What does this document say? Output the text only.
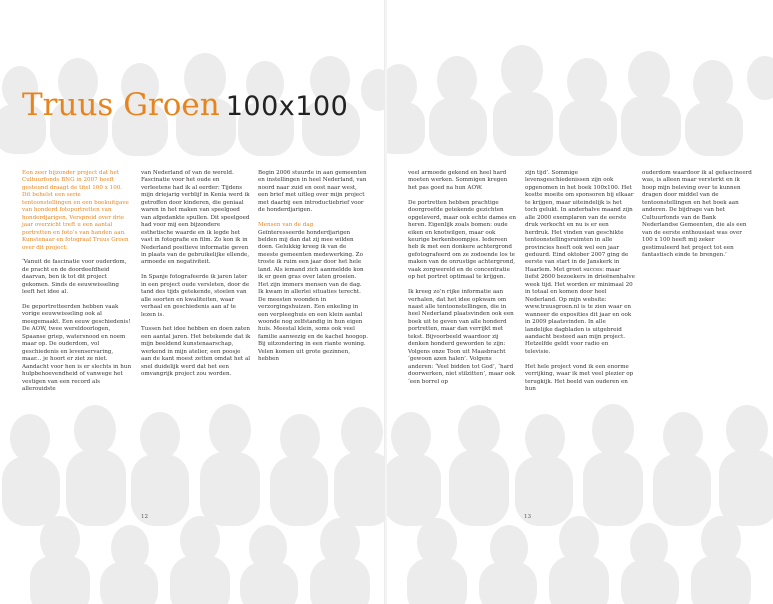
Truus Groen 100x100

Een zeer bijzonder project dat het Cultuurfonds BNG in 2007 heeft gesteund draagt de titel 100 x 100. Dit behelst een serie tentoonstellingen en een boekuitgave van honderd fotoportretten van honderdjarigen. Verspreid over drie jaar overzicht treft u een aantal portretten en foto’s van handen aan. Kunstenaar en fotograaf Truus Groen over dit project:

‘Vanuit de fascinatie voor ouderdom, de pracht en de doordeefdheid daarvan, ben ik tot dit project gekomen. Sinds de eeuwwisseling leeft het idee al.

De geportretteerden hebben vaak vorige eeuwwisseling ook al meegemaakt. Een eeuw geschiedenis! De AOW, twee wereldoorlogen, Spaanse griep, watersnood en noem maar op. De ouderdom, vol geschiedenis en levenservaring, maar... je hoort er ziet ze niet. Aandacht voor hen is er slechts in hun hulpbehoevendheid of vanwege het vestigen van een record als allerouidste

van Nederland of van de wereld. Fascinatie voor het oude en verleetene had ik al eerder: Tijdens mijn driejarig verblijf in Kenia werd ik getroffen door kinderen, die geniaal waren in het maken van speelgoed van afgedankte spullen. Dit speelgoed had voor mij een bijzondere esthetische waarde en ik legde het vast in fotografie en film. Zo kon ik in Nederland positieve informatie geven in plaats van de gebruikelijke ellende, armoede en negativiteit.

In Spanje fotografeerde ik jaren later in een project oude versleten, door de tand des tijds getekende, stoelen van alle soorten en kwaliteiten, waar verhaal en geschiedenis aan af te lezen is.

Tussen het idee hebben en doen zaten een aantal jaren. Het betekende dat ik mijn beeldend kunstenaarschap, werkend in mijn atelier, een poosje aan de kant moest zetten omdat het al snel duidelijk werd dat het een omvangrijk project zou worden.

Begin 2006 stuurde in aan gemeenten en instellingen in heel Nederland, van noord naar zuid en oost naar west, een brief met uitleg over mijn project met daarbij een introductiebrief voor de honderdjarigen.

Mensen van de dag

Geïnteresseerde honderdjarigen belden mij dan dat zij mee wilden doen. Gelukkig kreeg ik van de meeste gemeenten medewerking. Zo troste ik ruim een jaar door het hele land. Als iemand zich aanmeldde kon ik er geen gras over laten groeien. Het zijn immers mensen van de dag. Ik kwam in allerlei situaties terecht. De meesten woonden in verzorgingshuizen. Een enkeling in een verpleeghuis en een klein aantal woonde nog zelfstandig in hun eigen huis. Meestal klein, soms ook veel familie aanwezig en de kachel hoogop. Bij uitzondering in een riante woning. Velen komen uit grote gezinnen, hebben

12

veel armoede gekend en heel hard moeten werken. Sommigen kregen het pas goed na hun AOW.

De portretten hebben prachtige doorgroefde getekende gezichten opgeleverd, maar ook echte dames en heren. Eigenlijk zoals bomen: oude eiken en knotwilgen, maar ook keurige berkenboompjes. Iedereen heb ik met een donkere achtergrond gefotografeerd om ze zodoende los te maken van de onrustige achtergrond, vaak zorgwereld en de concentratie op het portret optimaal te krijgen.

Ik kreeg zo’n rijke informatie aan verhalen, dat het idee opkwam om naast alle tentoonstellingen, die in heel Nederland plaatsvinden ook een boek uit te geven van alle honderd portretten, maar dan verrijkt met tekst. Bijvoorbeeld waardoor zij denken honderd geworden te zijn: Volgens onze Toon uit Maasbracht ‘gewoon azen halen’. Volgens anderen: ‘Veel bidden tot God’, ‘hard doorwerken, niet stilzitten’, maar ook ‘een borrel op

zijn tijd’. Sommige levensgeschiedenissen zijn ook opgenomen in het boek 100x100. Het kostte moeite om sponsoren bij elkaar te krijgen, maar uiteindelijk is het toch gelukt. In anderhalve maand zijn alle 2000 exemplaren van de eerste druk verkocht en nu is er een herdruk. Het vinden van geschikte tentoonstellingsruimten in alle provincies heeft ook wel een jaar geduurd. Eind oktober 2007 ging de eerste van start in de Janskerk in Haarlem. Met groot succes: maar liefst 2600 bezoekers in drieënenhalve week tijd. Het worden er minimaal 20 in totaal en komen door heel Nederland. Op mijn website: www.truusgroen.nl is te zien waar en wanneer de exposities dit jaar en ook in 2009 plaatsvinden. In alle landelijke dagbladen is uitgebreid aandacht besteed aan mijn project. Hetzelfde geldt voor radio en televisie.

Het hele project vond ik een enorme verrijking, waar ik met veel plezier op terugkijk. Het beeld van ouderen en hun

ouderdom waardoor ik al gefascineerd was, is alleen maar versterkt en ik hoop mijn beleving over te kunnen dragen door middel van de tentoonstellingen en het boek aan anderen. De bijdrage van het Cultuurfonds van de Bank Nederlandse Gemeenten, die als een van de eerste enthousiast was over 100 x 100 heeft mij zeker gestimuleerd het project tot een fantastisch einde te brengen.’

13
